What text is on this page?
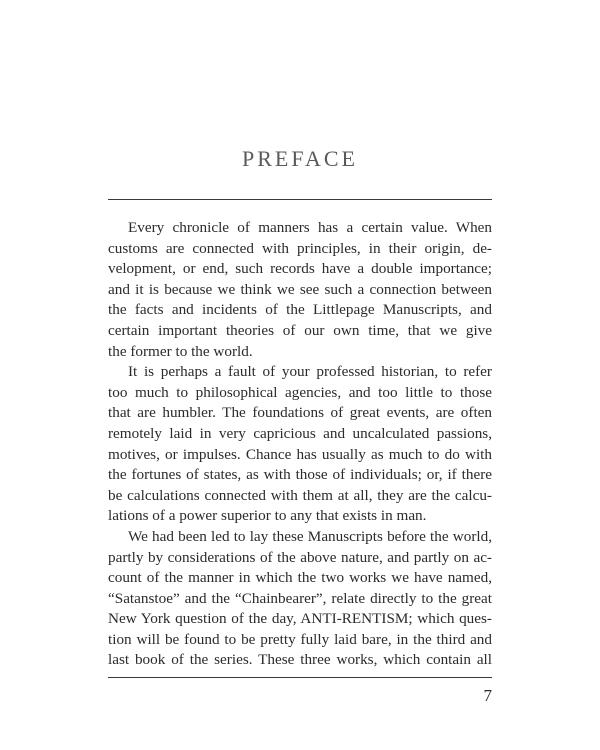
PREFACE
Every chronicle of manners has a certain value. When
customs are connected with principles, in their origin, de-
velopment, or end, such records have a double importance;
and it is because we think we see such a connection between
the facts and incidents of the Littlepage Manuscripts, and
certain important theories of our own time, that we give
the former to the world.
It is perhaps a fault of your professed historian, to refer
too much to philosophical agencies, and too little to those
that are humbler. The foundations of great events, are often
remotely laid in very capricious and uncalculated passions,
motives, or impulses. Chance has usually as much to do with
the fortunes of states, as with those of individuals; or, if there
be calculations connected with them at all, they are the calcu-
lations of a power superior to any that exists in man.
We had been led to lay these Manuscripts before the world,
partly by considerations of the above nature, and partly on ac-
count of the manner in which the two works we have named,
“Satanstoe” and the “Chainbearer”, relate directly to the great
New York question of the day, ANTI-RENTISM; which ques-
tion will be found to be pretty fully laid bare, in the third and
last book of the series. These three works, which contain all
7
